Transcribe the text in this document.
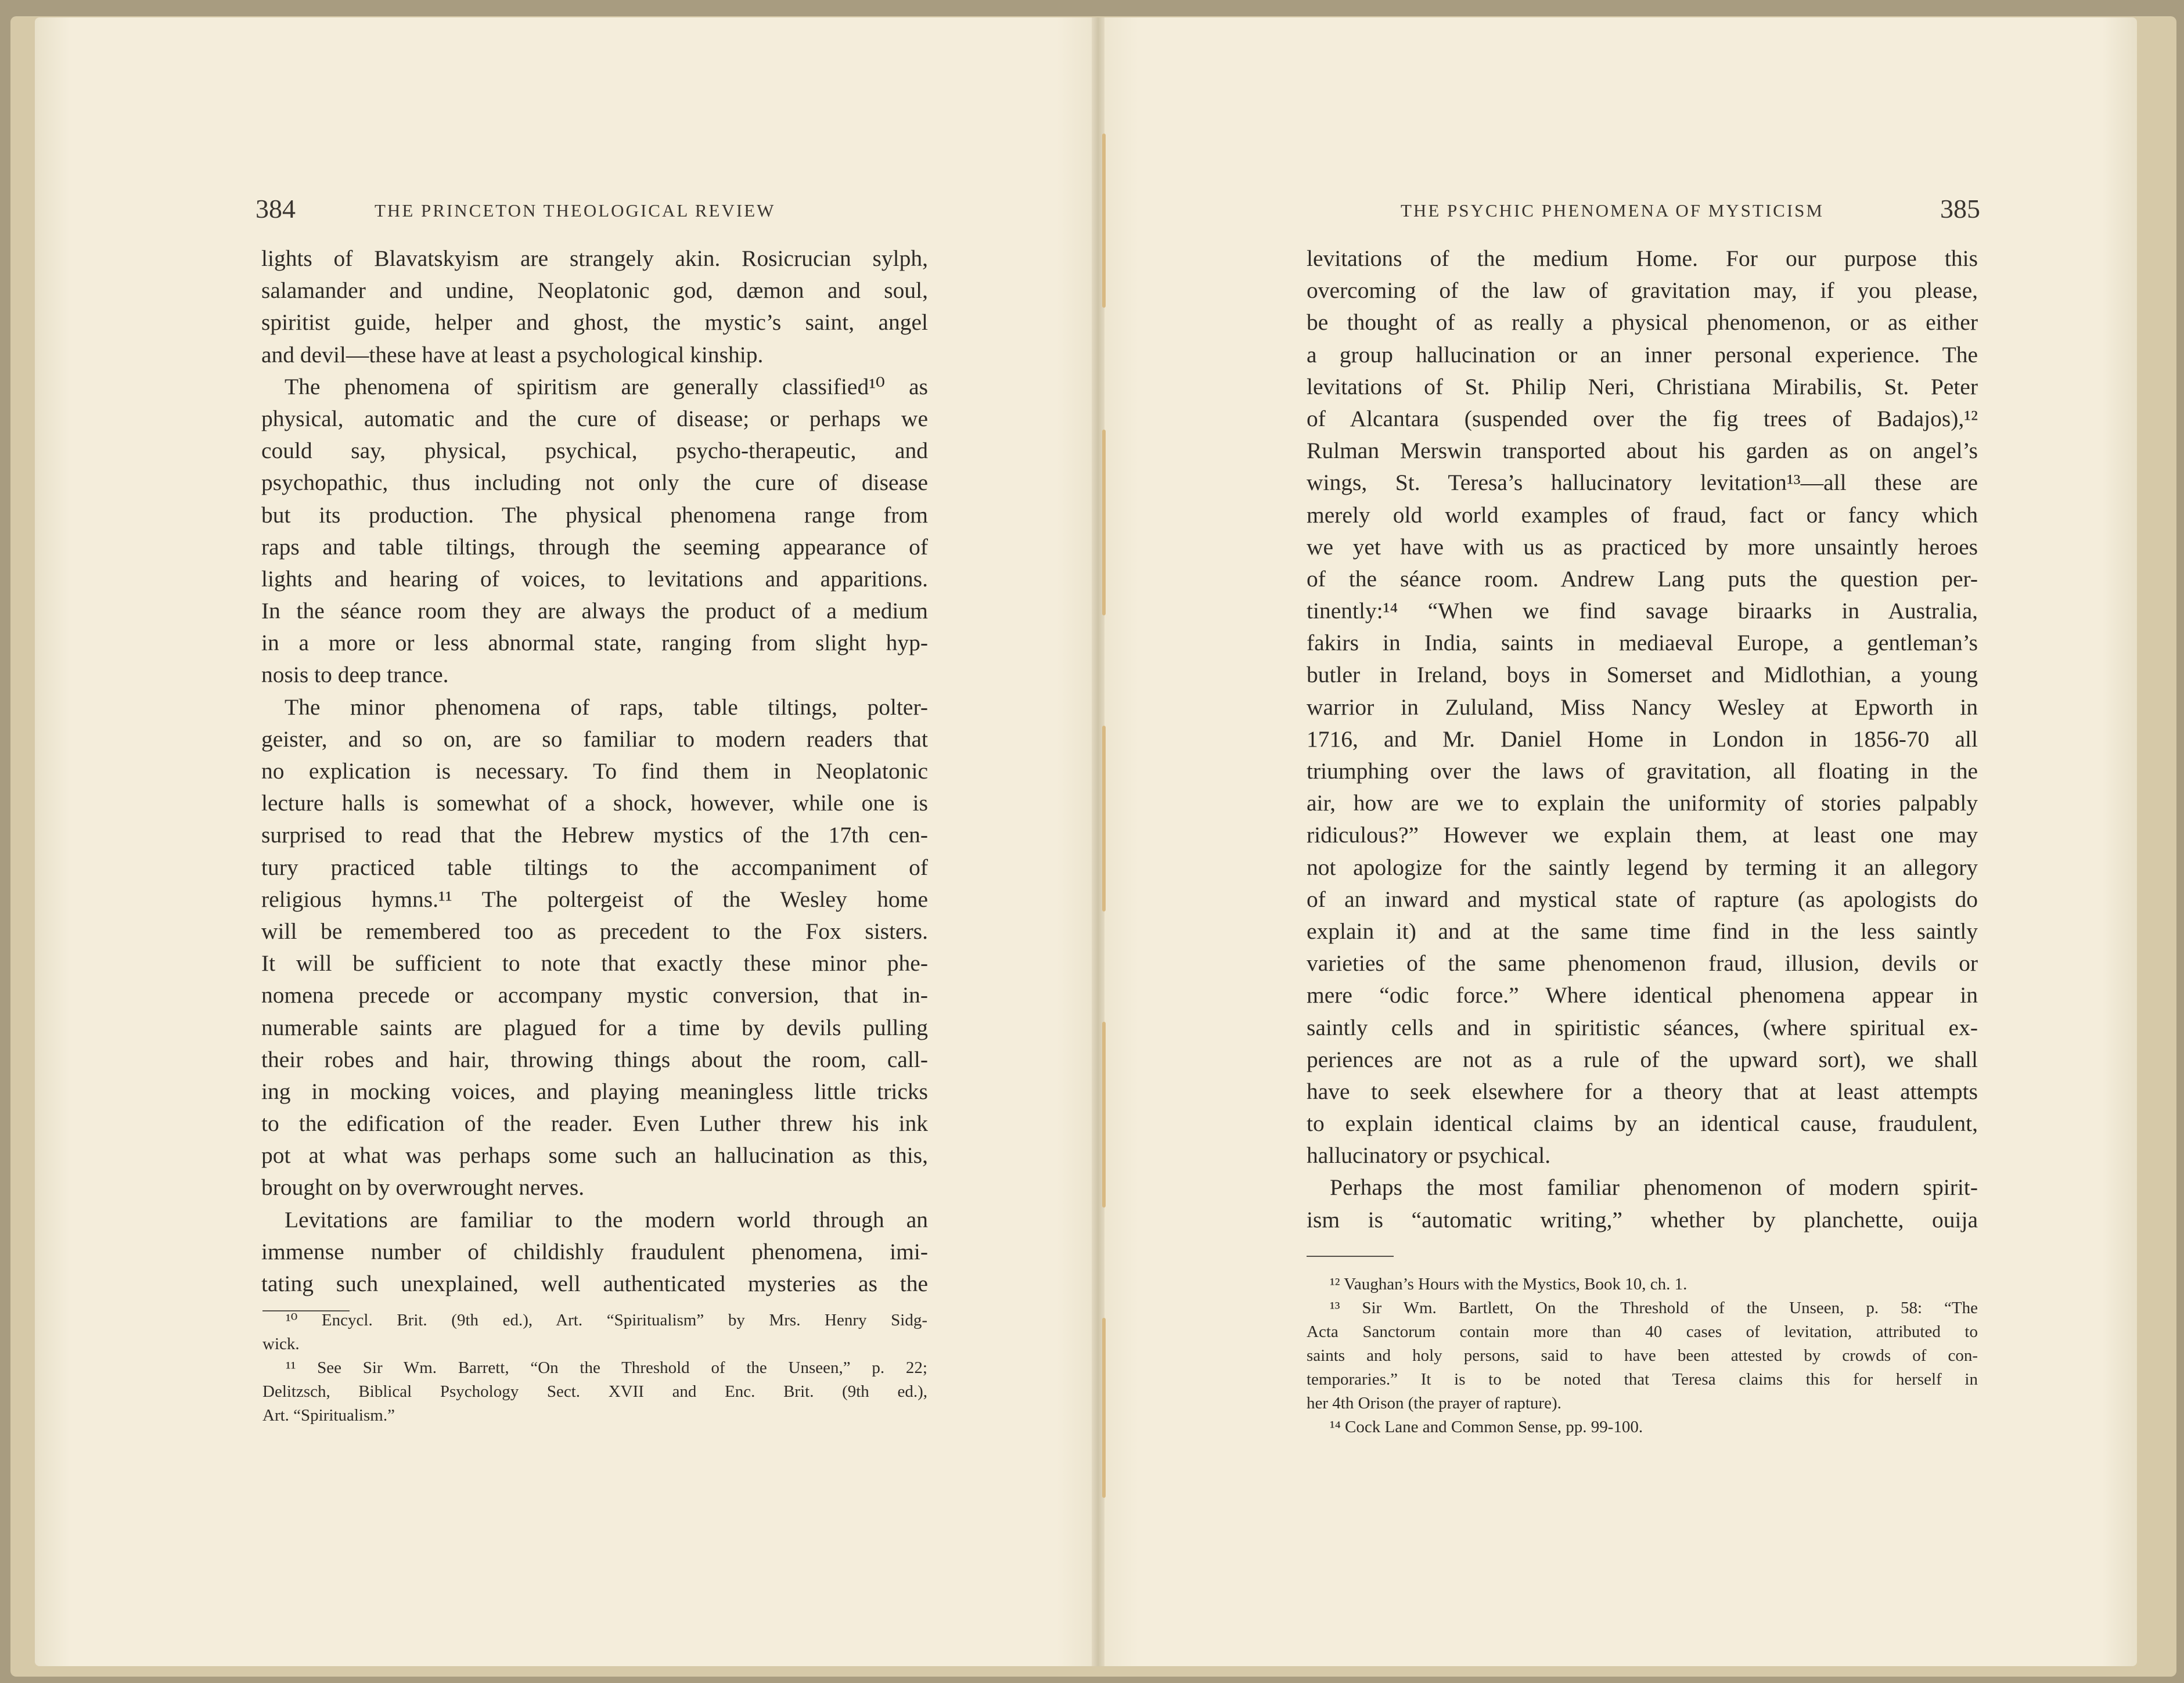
384	THE PRINCETON THEOLOGICAL REVIEW
lights of Blavatskyism are strangely akin. Rosicrucian sylph,
salamander and undine, Neoplatonic god, dæmon and soul,
spiritist guide, helper and ghost, the mystic’s saint, angel
and devil—these have at least a psychological kinship.
The phenomena of spiritism are generally classified¹⁰ as
physical, automatic and the cure of disease; or perhaps we
could say, physical, psychical, psycho-therapeutic, and
psychopathic, thus including not only the cure of disease
but its production. The physical phenomena range from
raps and table tiltings, through the seeming appearance of
lights and hearing of voices, to levitations and apparitions.
In the séance room they are always the product of a medium
in a more or less abnormal state, ranging from slight hyp-
nosis to deep trance.
The minor phenomena of raps, table tiltings, polter-
geister, and so on, are so familiar to modern readers that
no explication is necessary. To find them in Neoplatonic
lecture halls is somewhat of a shock, however, while one is
surprised to read that the Hebrew mystics of the 17th cen-
tury practiced table tiltings to the accompaniment of
religious hymns.¹¹ The poltergeist of the Wesley home
will be remembered too as precedent to the Fox sisters.
It will be sufficient to note that exactly these minor phe-
nomena precede or accompany mystic conversion, that in-
numerable saints are plagued for a time by devils pulling
their robes and hair, throwing things about the room, call-
ing in mocking voices, and playing meaningless little tricks
to the edification of the reader. Even Luther threw his ink
pot at what was perhaps some such an hallucination as this,
brought on by overwrought nerves.
Levitations are familiar to the modern world through an
immense number of childishly fraudulent phenomena, imi-
tating such unexplained, well authenticated mysteries as the
¹⁰ Encycl. Brit. (9th ed.), Art. “Spiritualism” by Mrs. Henry Sidg-
wick.
¹¹ See Sir Wm. Barrett, “On the Threshold of the Unseen,” p. 22;
Delitzsch, Biblical Psychology Sect. XVII and Enc. Brit. (9th ed.),
Art. “Spiritualism.”
THE PSYCHIC PHENOMENA OF MYSTICISM	385
levitations of the medium Home. For our purpose this
overcoming of the law of gravitation may, if you please,
be thought of as really a physical phenomenon, or as either
a group hallucination or an inner personal experience. The
levitations of St. Philip Neri, Christiana Mirabilis, St. Peter
of Alcantara (suspended over the fig trees of Badajos),¹²
Rulman Merswin transported about his garden as on angel’s
wings, St. Teresa’s hallucinatory levitation¹³—all these are
merely old world examples of fraud, fact or fancy which
we yet have with us as practiced by more unsaintly heroes
of the séance room. Andrew Lang puts the question per-
tinently:¹⁴ “When we find savage biraarks in Australia,
fakirs in India, saints in mediaeval Europe, a gentleman’s
butler in Ireland, boys in Somerset and Midlothian, a young
warrior in Zululand, Miss Nancy Wesley at Epworth in
1716, and Mr. Daniel Home in London in 1856-70 all
triumphing over the laws of gravitation, all floating in the
air, how are we to explain the uniformity of stories palpably
ridiculous?” However we explain them, at least one may
not apologize for the saintly legend by terming it an allegory
of an inward and mystical state of rapture (as apologists do
explain it) and at the same time find in the less saintly
varieties of the same phenomenon fraud, illusion, devils or
mere “odic force.” Where identical phenomena appear in
saintly cells and in spiritistic séances, (where spiritual ex-
periences are not as a rule of the upward sort), we shall
have to seek elsewhere for a theory that at least attempts
to explain identical claims by an identical cause, fraudulent,
hallucinatory or psychical.
Perhaps the most familiar phenomenon of modern spirit-
ism is “automatic writing,” whether by planchette, ouija
¹² Vaughan’s Hours with the Mystics, Book 10, ch. 1.
¹³ Sir Wm. Bartlett, On the Threshold of the Unseen, p. 58: “The
Acta Sanctorum contain more than 40 cases of levitation, attributed to
saints and holy persons, said to have been attested by crowds of con-
temporaries.” It is to be noted that Teresa claims this for herself in
her 4th Orison (the prayer of rapture).
¹⁴ Cock Lane and Common Sense, pp. 99-100.
